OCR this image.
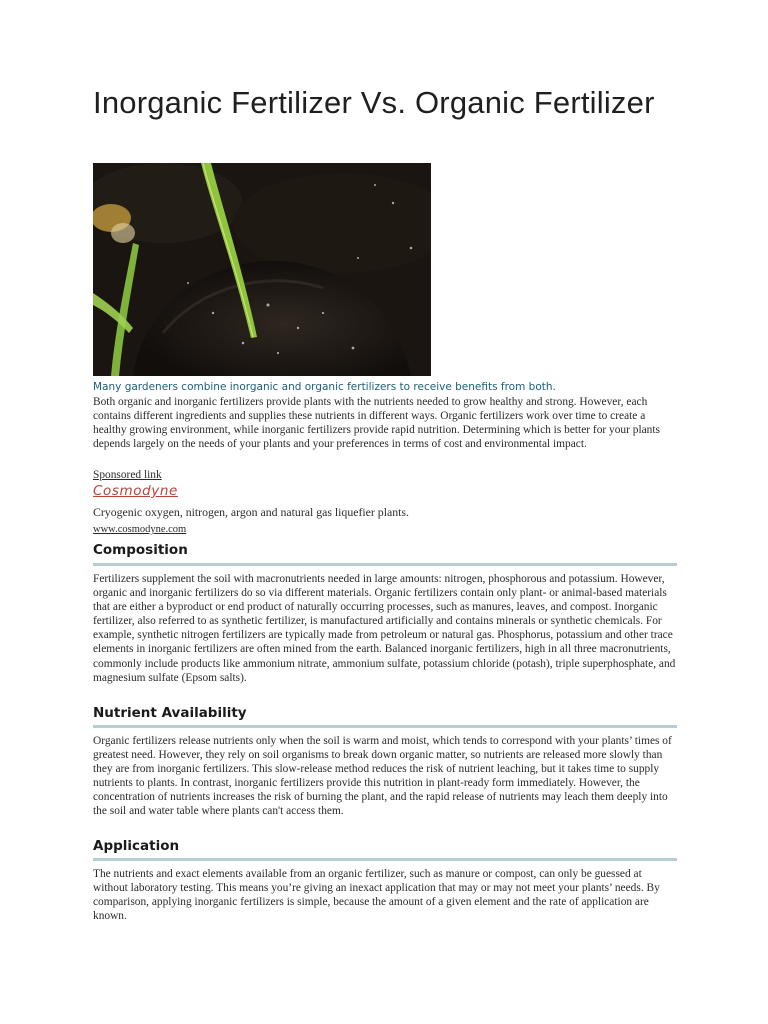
Inorganic Fertilizer Vs. Organic Fertilizer
Many gardeners combine inorganic and organic fertilizers to receive benefits from both.

Both organic and inorganic fertilizers provide plants with the nutrients needed to grow healthy and strong. However, each contains different ingredients and supplies these nutrients in different ways. Organic fertilizers work over time to create a healthy growing environment, while inorganic fertilizers provide rapid nutrition. Determining which is better for your plants depends largely on the needs of your plants and your preferences in terms of cost and environmental impact.

Sponsored link
Cosmodyne
Cryogenic oxygen, nitrogen, argon and natural gas liquefier plants.
www.cosmodyne.com
Composition

Fertilizers supplement the soil with macronutrients needed in large amounts: nitrogen, phosphorous and potassium. However, organic and inorganic fertilizers do so via different materials. Organic fertilizers contain only plant- or animal-based materials that are either a byproduct or end product of naturally occurring processes, such as manures, leaves, and compost. Inorganic fertilizer, also referred to as synthetic fertilizer, is manufactured artificially and contains minerals or synthetic chemicals. For example, synthetic nitrogen fertilizers are typically made from petroleum or natural gas. Phosphorus, potassium and other trace elements in inorganic fertilizers are often mined from the earth. Balanced inorganic fertilizers, high in all three macronutrients, commonly include products like ammonium nitrate, ammonium sulfate, potassium chloride (potash), triple superphosphate, and magnesium sulfate (Epsom salts).

Nutrient Availability

Organic fertilizers release nutrients only when the soil is warm and moist, which tends to correspond with your plants’ times of greatest need. However, they rely on soil organisms to break down organic matter, so nutrients are released more slowly than they are from inorganic fertilizers. This slow-release method reduces the risk of nutrient leaching, but it takes time to supply nutrients to plants. In contrast, inorganic fertilizers provide this nutrition in plant-ready form immediately. However, the concentration of nutrients increases the risk of burning the plant, and the rapid release of nutrients may leach them deeply into the soil and water table where plants can't access them.

Application

The nutrients and exact elements available from an organic fertilizer, such as manure or compost, can only be guessed at without laboratory testing. This means you’re giving an inexact application that may or may not meet your plants’ needs. By comparison, applying inorganic fertilizers is simple, because the amount of a given element and the rate of application are known.
